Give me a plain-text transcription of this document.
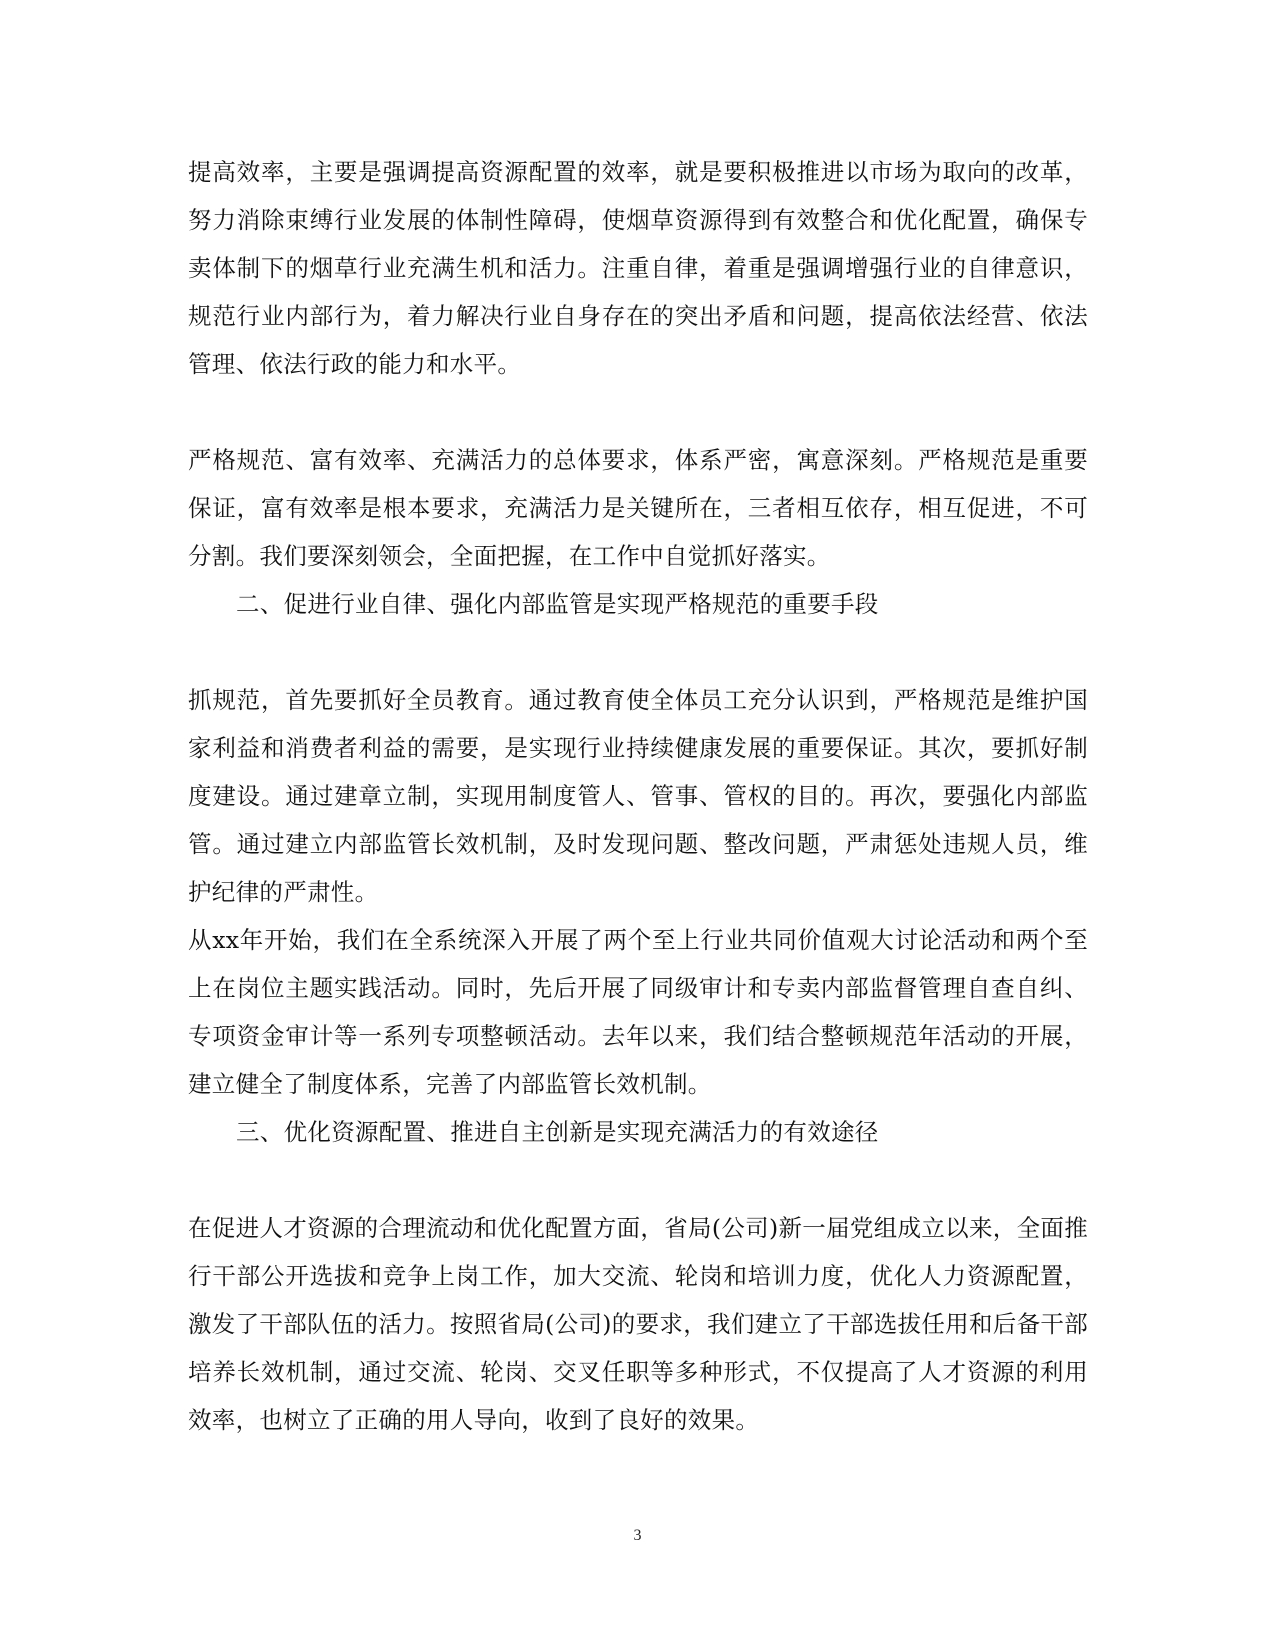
提高效率，主要是强调提高资源配置的效率，就是要积极推进以市场为取向的改革，努力消除束缚行业发展的体制性障碍，使烟草资源得到有效整合和优化配置，确保专卖体制下的烟草行业充满生机和活力。注重自律，着重是强调增强行业的自律意识，规范行业内部行为，着力解决行业自身存在的突出矛盾和问题，提高依法经营、依法管理、依法行政的能力和水平。

严格规范、富有效率、充满活力的总体要求，体系严密，寓意深刻。严格规范是重要保证，富有效率是根本要求，充满活力是关键所在，三者相互依存，相互促进，不可分割。我们要深刻领会，全面把握，在工作中自觉抓好落实。

二、促进行业自律、强化内部监管是实现严格规范的重要手段

抓规范，首先要抓好全员教育。通过教育使全体员工充分认识到，严格规范是维护国家利益和消费者利益的需要，是实现行业持续健康发展的重要保证。其次，要抓好制度建设。通过建章立制，实现用制度管人、管事、管权的目的。再次，要强化内部监管。通过建立内部监管长效机制，及时发现问题、整改问题，严肃惩处违规人员，维护纪律的严肃性。

从xx年开始，我们在全系统深入开展了两个至上行业共同价值观大讨论活动和两个至上在岗位主题实践活动。同时，先后开展了同级审计和专卖内部监督管理自查自纠、专项资金审计等一系列专项整顿活动。去年以来，我们结合整顿规范年活动的开展，建立健全了制度体系，完善了内部监管长效机制。

三、优化资源配置、推进自主创新是实现充满活力的有效途径

在促进人才资源的合理流动和优化配置方面，省局(公司)新一届党组成立以来，全面推行干部公开选拔和竞争上岗工作，加大交流、轮岗和培训力度，优化人力资源配置，激发了干部队伍的活力。按照省局(公司)的要求，我们建立了干部选拔任用和后备干部培养长效机制，通过交流、轮岗、交叉任职等多种形式，不仅提高了人才资源的利用效率，也树立了正确的用人导向，收到了良好的效果。

3
